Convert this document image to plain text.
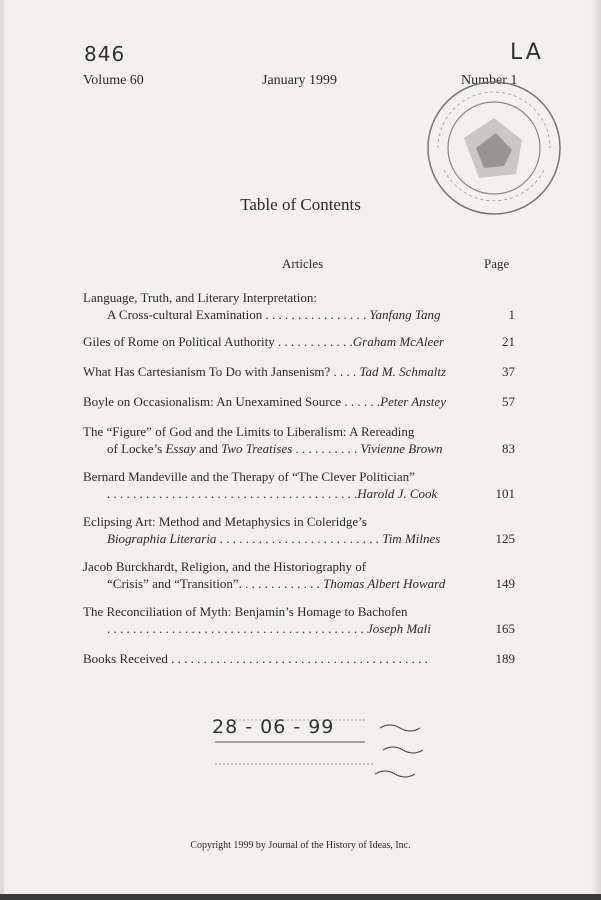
846	LA
Volume 60	January 1999	Number 1
Table of Contents
Articles	Page
Language, Truth, and Literary Interpretation:
A Cross-cultural Examination . . . . . . . . . . . . . . . . Yanfang Tang	1
Giles of Rome on Political Authority . . . . . . . . . . . .Graham McAleer	21
What Has Cartesianism To Do with Jansenism? . . . . Tad M. Schmaltz	37
Boyle on Occasionalism: An Unexamined Source . . . . . .Peter Anstey	57
The “Figure” of God and the Limits to Liberalism: A Rereading
of Locke’s Essay and Two Treatises . . . . . . . . . . Vivienne Brown	83
Bernard Mandeville and the Therapy of “The Clever Politician”
. . . . . . . . . . . . . . . . . . . . . . . . . . . . . . . . . . . . . . .Harold J. Cook	101
Eclipsing Art: Method and Metaphysics in Coleridge’s
Biographia Literaria . . . . . . . . . . . . . . . . . . . . . . . . . Tim Milnes	125
Jacob Burckhardt, Religion, and the Historiography of
“Crisis” and “Transition”. . . . . . . . . . . . . Thomas Albert Howard	149
The Reconciliation of Myth: Benjamin’s Homage to Bachofen
. . . . . . . . . . . . . . . . . . . . . . . . . . . . . . . . . . . . . . . . Joseph Mali	165
Books Received . . . . . . . . . . . . . . . . . . . . . . . . . . . . . . . . . . . . . . . .	189
28 - 06 - 99
Copyright 1999 by Journal of the History of Ideas, Inc.
